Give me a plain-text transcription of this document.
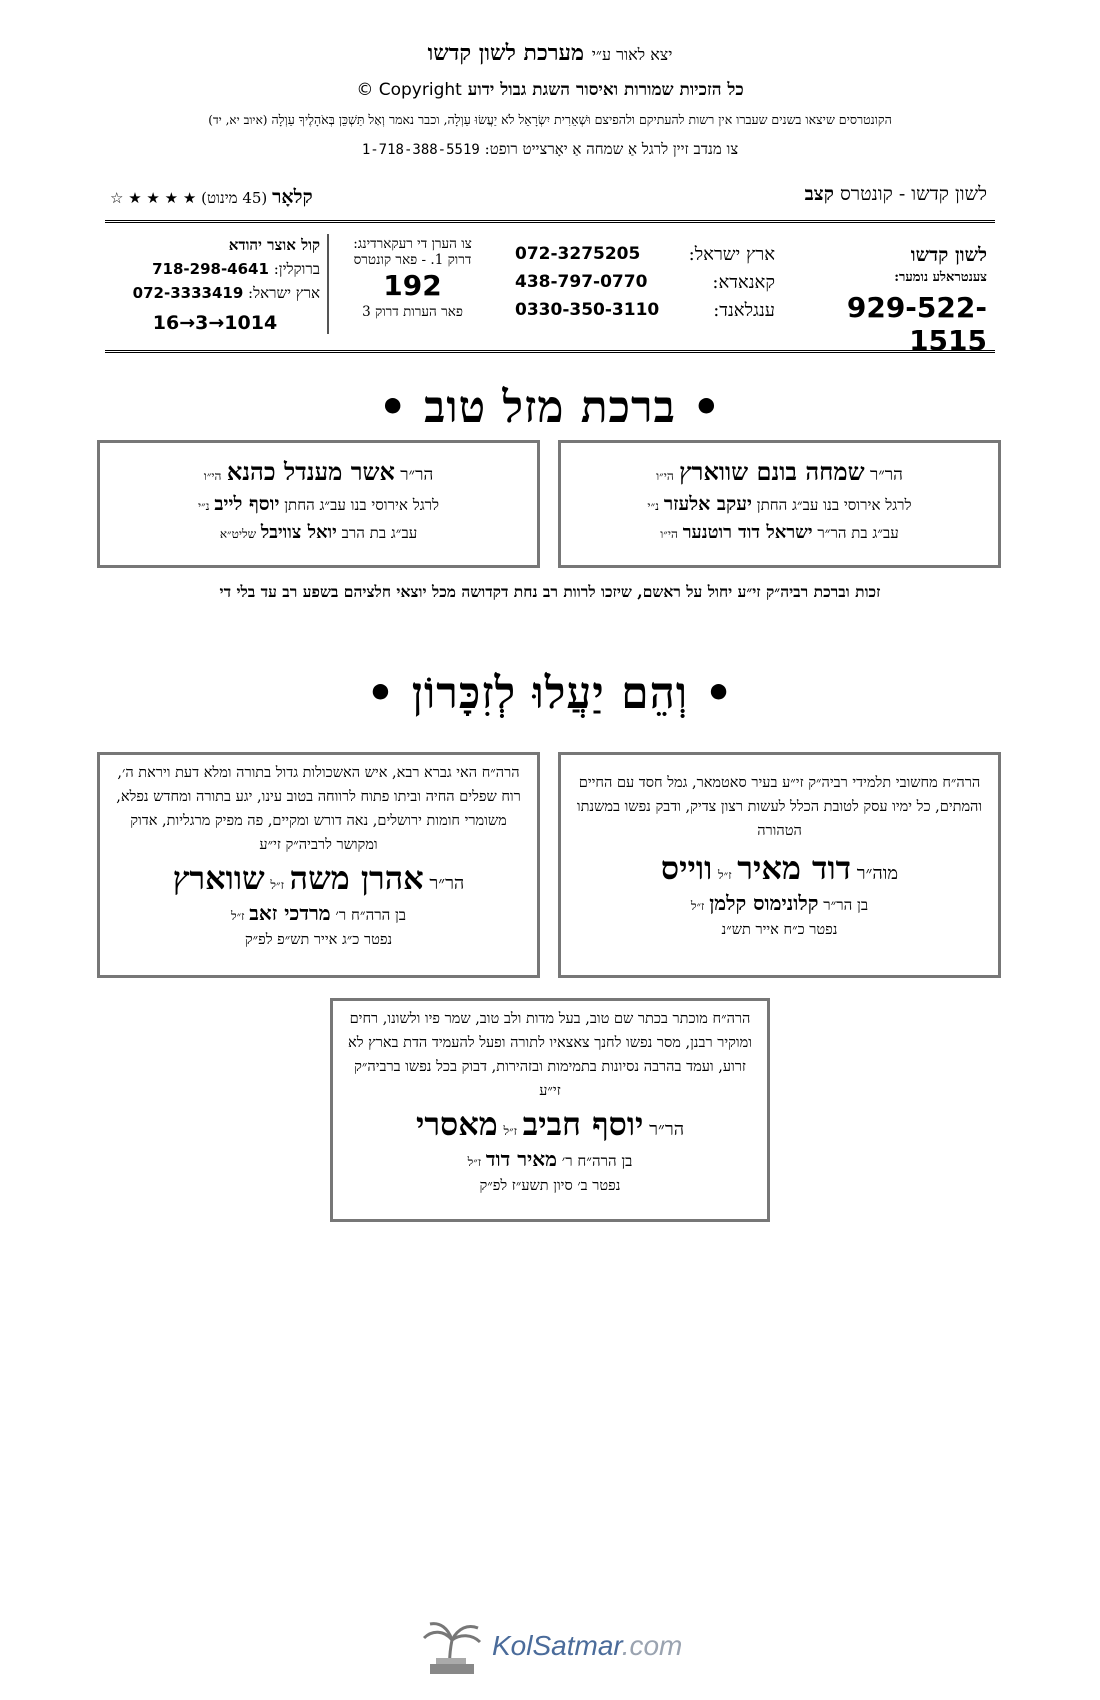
יצא לאור ע״י מערכת לשון קדשו
כל הזכיות שמורות ואיסור השגת גבול ידוע Copyright ©
הקונטרסים שיצאו בשנים שעברו אין רשות להעתיקם ולהפיצם וּשְׁאֵרִית יִשְׂרָאֵל לֹא יַעֲשׂוּ עַוְלָה, וכבר נאמר וְאַל תַּשְׁכֵּן בְּאֹהָלֶיךָ עַוְלָה (איוב יא, יד)
צו מנדב זיין לרגל אַ שמחה אַ יאָרצייט רופט: 1-718-388-5519
לשון קדשו - קונטרס קצב
קלאָר (45 מינוט) ★ ★ ★ ★ ☆
לשון קדשו
צענטראלע נומער:
929-522-1515
ארץ ישראל:
072-3275205
קאנאדא:
438-797-0770
ענגלאנד:
0330-350-3110
צו הערן די רעקארדינג:
דרוק 1. - פאר קונטרס
192
פאר הערות דרוק 3
קול אוצר יהודא
ברוקלין: 718-298-4641
ארץ ישראל: 072-3333419
16→3→1014
• ברכת מזל טוב •
הר״ר שמחה בונם שווארץ הי״ו
לרגל אירוסי בנו עב״ג החתן יעקב אלעזר נ״י
עב״ג בת הר״ר ישראל דוד רוטנער הי״ו
הר״ר אשר מענדל כהנא הי״ו
לרגל אירוסי בנו עב״ג החתן יוסף לייב נ״י
עב״ג בת הרב יואל צוויבל שליט״א
זכות וברכת רביה״ק זי״ע יחול על ראשם, שיזכו לרוות רב נחת דקדושה מכל יוצאי חלציהם בשפע רב עד בלי די
• וְהֵם יַעֲלוּ לְזִכָּרוֹן •
הרה״ח מחשובי תלמידי רביה״ק זי״ע בעיר סאטמאר, גמל חסד עם החיים והמתים, כל ימיו עסק לטובת הכלל לעשות רצון צדיק, ודבק נפשו במשנתו הטהורה
מוה״ר דוד מאיר ז״ל ווייס
בן הר״ר קלונימוס קלמן ז״ל
נפטר כ״ח אייר תש״נ
הרה״ח האי גברא רבא, איש האשכולות גדול בתורה ומלא דעת ויראת ה׳, רוח שפלים החיה וביתו פתוח לרווחה בטוב עינו, יגע בתורה ומחדש נפלא, משומרי חומות ירושלים, נאה דורש ומקיים, פה מפיק מרגליות, אדוק ומקושר לרביה״ק זי״ע
הר״ר אהרן משה ז״ל שווארץ
בן הרה״ח ר׳ מרדכי זאב ז״ל
נפטר כ״ג אייר תש״פ לפ״ק
הרה״ח מוכתר בכתר שם טוב, בעל מדות ולב טוב, שמר פיו ולשונו, רחים ומוקיר רבנן, מסר נפשו לחנך צאצאיו לתורה ופעל להעמיד הדת בארץ לא זרוע, ועמד בהרבה נסיונות בתמימות ובזהירות, דבוק בכל נפשו ברביה״ק זי״ע
הר״ר יוסף חביב ז״ל מאסרי
בן הרה״ח ר׳ מאיר דוד ז״ל
נפטר ב׳ סיון תשע״ז לפ״ק
KolSatmar.com
